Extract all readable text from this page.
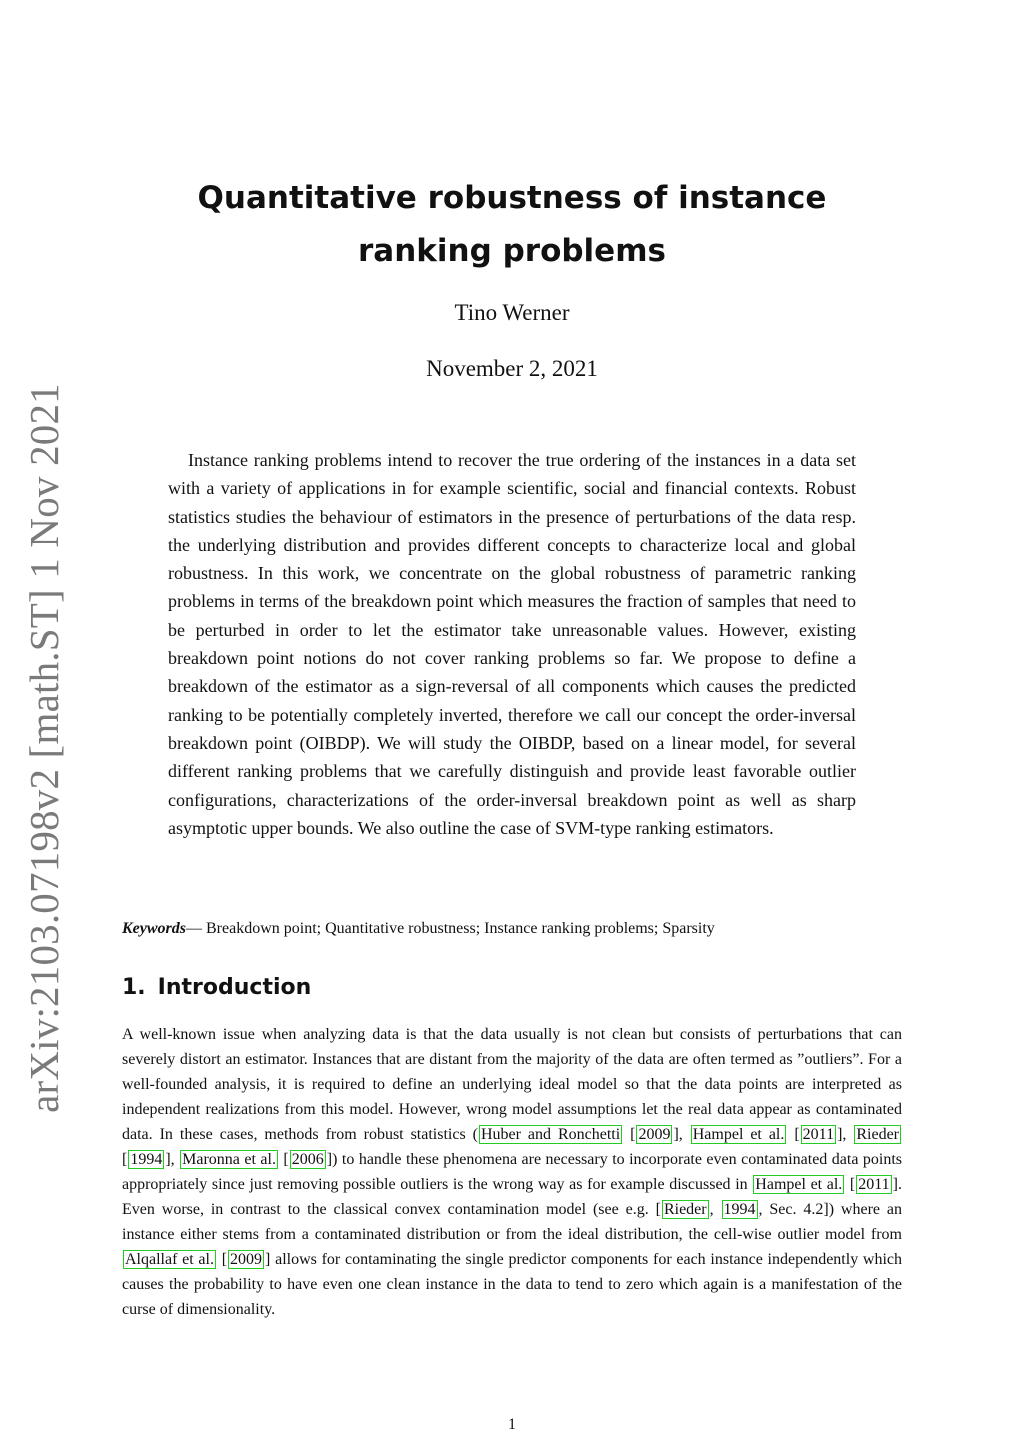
arXiv:2103.07198v2 [math.ST] 1 Nov 2021
Quantitative robustness of instance ranking problems
Tino Werner
November 2, 2021

Instance ranking problems intend to recover the true ordering of the instances in a data set with a variety of applications in for example scientific, social and financial contexts. Robust statistics studies the behaviour of estimators in the presence of perturbations of the data resp. the underlying distribution and provides different concepts to characterize local and global robustness. In this work, we concentrate on the global robustness of parametric ranking problems in terms of the breakdown point which measures the fraction of samples that need to be perturbed in order to let the estimator take unreasonable values. However, existing breakdown point notions do not cover ranking problems so far. We propose to define a breakdown of the estimator as a sign-reversal of all components which causes the predicted ranking to be potentially completely inverted, therefore we call our concept the order-inversal breakdown point (OIBDP). We will study the OIBDP, based on a linear model, for several different ranking problems that we carefully distinguish and provide least favorable outlier configurations, characterizations of the order-inversal breakdown point as well as sharp asymptotic upper bounds. We also outline the case of SVM-type ranking estimators.

Keywords— Breakdown point; Quantitative robustness; Instance ranking problems; Sparsity
1. Introduction

A well-known issue when analyzing data is that the data usually is not clean but consists of perturbations that can severely distort an estimator. Instances that are distant from the majority of the data are often termed as ”outliers”. For a well-founded analysis, it is required to define an underlying ideal model so that the data points are interpreted as independent realizations from this model. However, wrong model assumptions let the real data appear as contaminated data. In these cases, methods from robust statistics ( Huber and Ronchetti [ 2009 ], Hampel et al. [ 2011 ], Rieder [ 1994 ], Maronna et al. [ 2006 ]) to handle these phenomena are necessary to incorporate even contaminated data points appropriately since just removing possible outliers is the wrong way as for example discussed in Hampel et al. [ 2011 ]. Even worse, in contrast to the classical convex contamination model (see e.g. [ Rieder , 1994 , Sec. 4.2]) where an instance either stems from a contaminated distribution or from the ideal distribution, the cell-wise outlier model from Alqallaf et al. [ 2009 ] allows for contaminating the single predictor components for each instance independently which causes the probability to have even one clean instance in the data to tend to zero which again is a manifestation of the curse of dimensionality.

1
